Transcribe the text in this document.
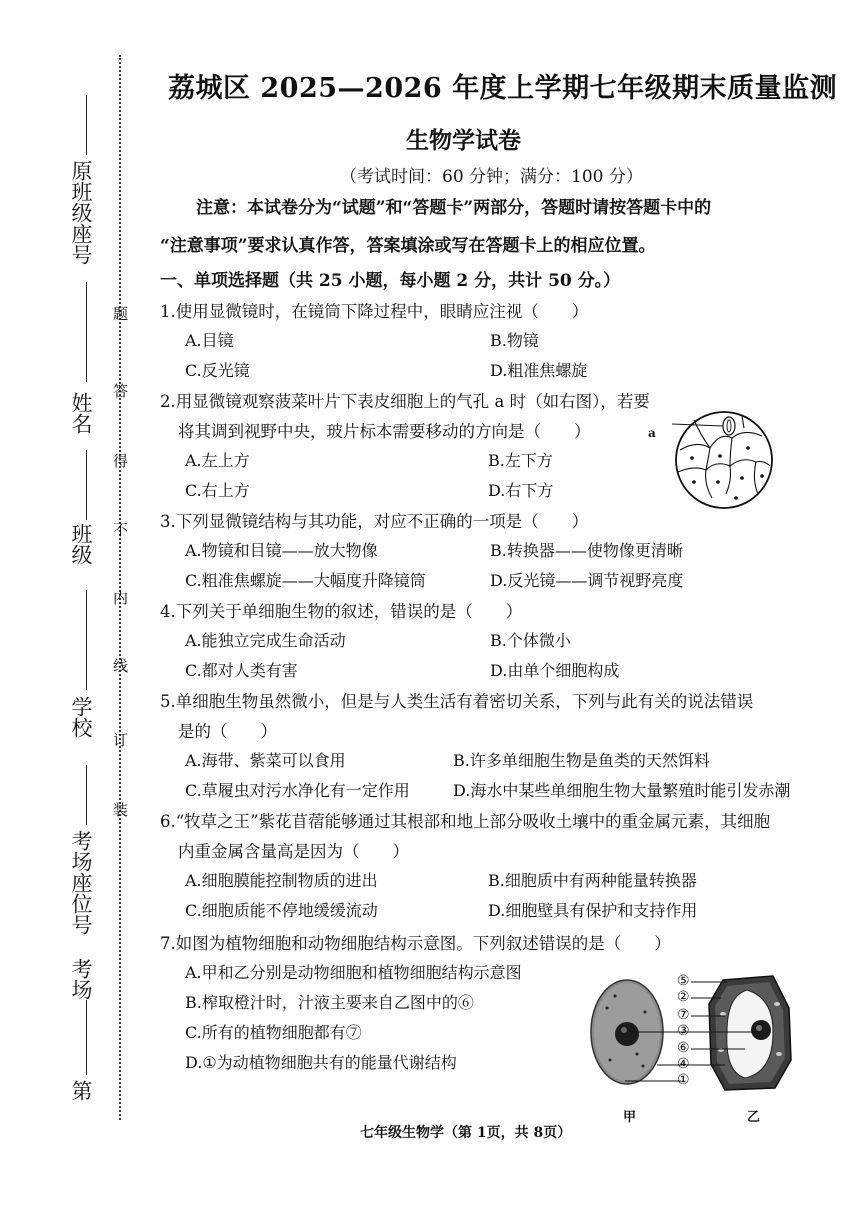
原班级座号
姓名
班级
学校
考场座位号
考场
第
题
答
得
不
内
线
订
装
荔城区 2025—2026 年度上学期七年级期末质量监测
生物学试卷
（考试时间：60 分钟；满分：100 分）
注意：本试卷分为“试题”和“答题卡”两部分，答题时请按答题卡中的
“注意事项”要求认真作答，答案填涂或写在答题卡上的相应位置。
一、单项选择题（共 25 小题，每小题 2 分，共计 50 分。）
1.使用显微镜时，在镜筒下降过程中，眼睛应注视（　　）
A.目镜	B.物镜
C.反光镜	D.粗准焦螺旋
2.用显微镜观察菠菜叶片下表皮细胞上的气孔 a 时（如右图），若要
将其调到视野中央，玻片标本需要移动的方向是（　　）
A.左上方	B.左下方
C.右上方	D.右下方
a
3.下列显微镜结构与其功能，对应不正确的一项是（　　）
A.物镜和目镜——放大物像	B.转换器——使物像更清晰
C.粗准焦螺旋——大幅度升降镜筒	D.反光镜——调节视野亮度
4.下列关于单细胞生物的叙述，错误的是（　　）
A.能独立完成生命活动	B.个体微小
C.都对人类有害	D.由单个细胞构成
5.单细胞生物虽然微小，但是与人类生活有着密切关系，下列与此有关的说法错误
是的（　　）
A.海带、紫菜可以食用	B.许多单细胞生物是鱼类的天然饵料
C.草履虫对污水净化有一定作用	D.海水中某些单细胞生物大量繁殖时能引发赤潮
6.“牧草之王”紫花苜蓿能够通过其根部和地上部分吸收土壤中的重金属元素，其细胞
内重金属含量高是因为（　　）
A.细胞膜能控制物质的进出	B.细胞质中有两种能量转换器
C.细胞质能不停地缓缓流动	D.细胞壁具有保护和支持作用
7.如图为植物细胞和动物细胞结构示意图。下列叙述错误的是（　　）
A.甲和乙分别是动物细胞和植物细胞结构示意图
B.榨取橙汁时，汁液主要来自乙图中的⑥
C.所有的植物细胞都有⑦
D.①为动植物细胞共有的能量代谢结构
⑤
②
⑦
③
⑥
④
①
甲	乙
七年级生物学（第 1页，共 8页）
